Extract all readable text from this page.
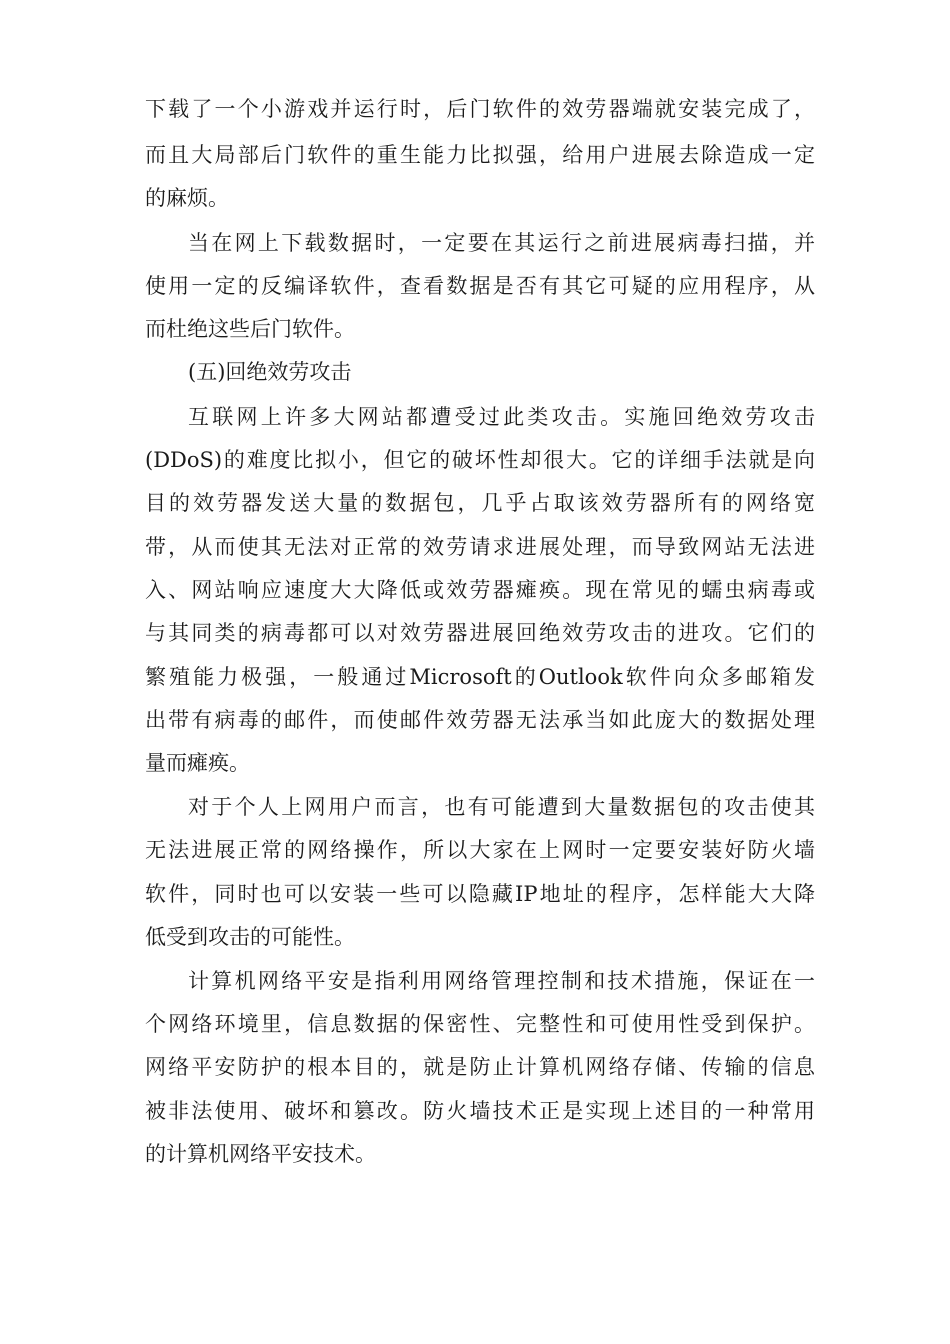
下载了一个小游戏并运行时，后门软件的效劳器端就安装完成了，
而且大局部后门软件的重生能力比拟强，给用户进展去除造成一定
的麻烦。
当在网上下载数据时，一定要在其运行之前进展病毒扫描，并
使用一定的反编译软件，查看数据是否有其它可疑的应用程序，从
而杜绝这些后门软件。
(五)回绝效劳攻击
互联网上许多大网站都遭受过此类攻击。实施回绝效劳攻击
(DDoS)的难度比拟小，但它的破坏性却很大。它的详细手法就是向
目的效劳器发送大量的数据包，几乎占取该效劳器所有的网络宽
带，从而使其无法对正常的效劳请求进展处理，而导致网站无法进
入、网站响应速度大大降低或效劳器瘫痪。现在常见的蠕虫病毒或
与其同类的病毒都可以对效劳器进展回绝效劳攻击的进攻。它们的
繁殖能力极强，一般通过Microsoft的Outlook软件向众多邮箱发
出带有病毒的邮件，而使邮件效劳器无法承当如此庞大的数据处理
量而瘫痪。
对于个人上网用户而言，也有可能遭到大量数据包的攻击使其
无法进展正常的网络操作，所以大家在上网时一定要安装好防火墙
软件，同时也可以安装一些可以隐藏IP地址的程序，怎样能大大降
低受到攻击的可能性。
计算机网络平安是指利用网络管理控制和技术措施，保证在一
个网络环境里，信息数据的保密性、完整性和可使用性受到保护。
网络平安防护的根本目的，就是防止计算机网络存储、传输的信息
被非法使用、破坏和篡改。防火墙技术正是实现上述目的一种常用
的计算机网络平安技术。
